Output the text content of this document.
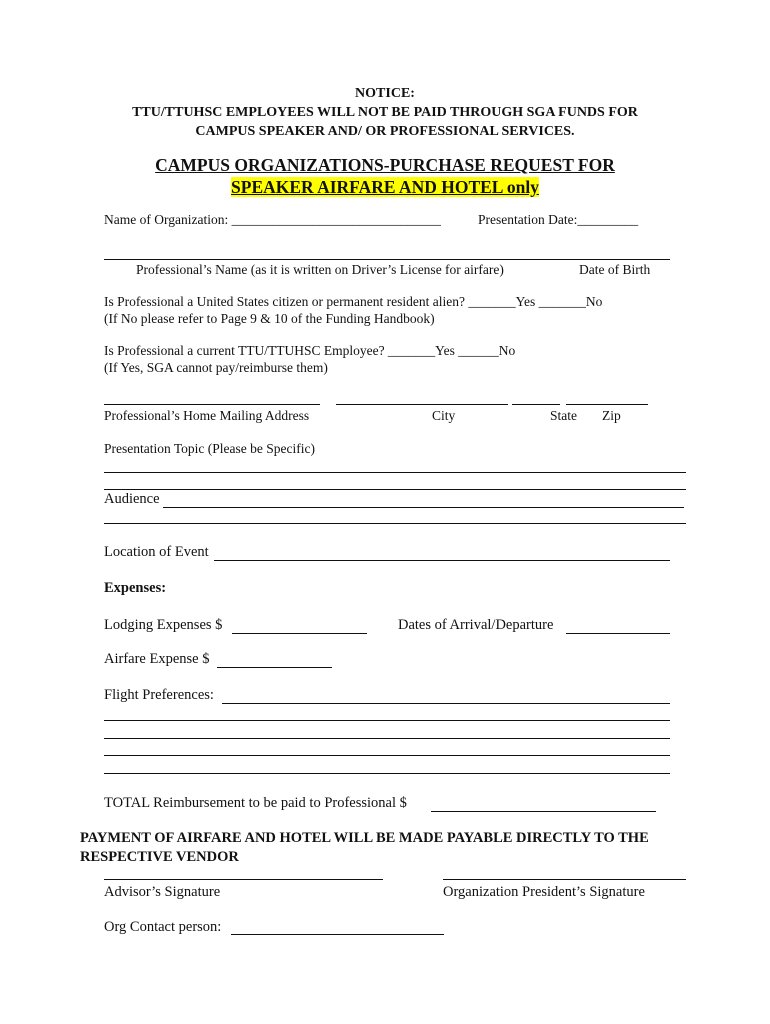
NOTICE:
TTU/TTUHSC EMPLOYEES WILL NOT BE PAID THROUGH SGA FUNDS FOR
CAMPUS SPEAKER AND/ OR PROFESSIONAL SERVICES.
CAMPUS ORGANIZATIONS-PURCHASE REQUEST FOR
SPEAKER AIRFARE AND HOTEL only
Name of Organization: _______________________________	Presentation Date:_________
Professional’s Name (as it is written on Driver’s License for airfare)	Date of Birth
Is Professional a United States citizen or permanent resident alien? _______Yes _______No
(If No please refer to Page 9 & 10 of the Funding Handbook)
Is Professional a current TTU/TTUHSC Employee? _______Yes ______No
(If Yes, SGA cannot pay/reimburse them)
Professional’s Home Mailing Address	City	State Zip
Presentation Topic (Please be Specific)
Audience
Location of Event
Expenses:
Lodging Expenses $	Dates of Arrival/Departure
Airfare Expense $
Flight Preferences:
TOTAL Reimbursement to be paid to Professional $
PAYMENT OF AIRFARE AND HOTEL WILL BE MADE PAYABLE DIRECTLY TO THE
RESPECTIVE VENDOR
Advisor’s Signature	Organization President’s Signature
Org Contact person:
